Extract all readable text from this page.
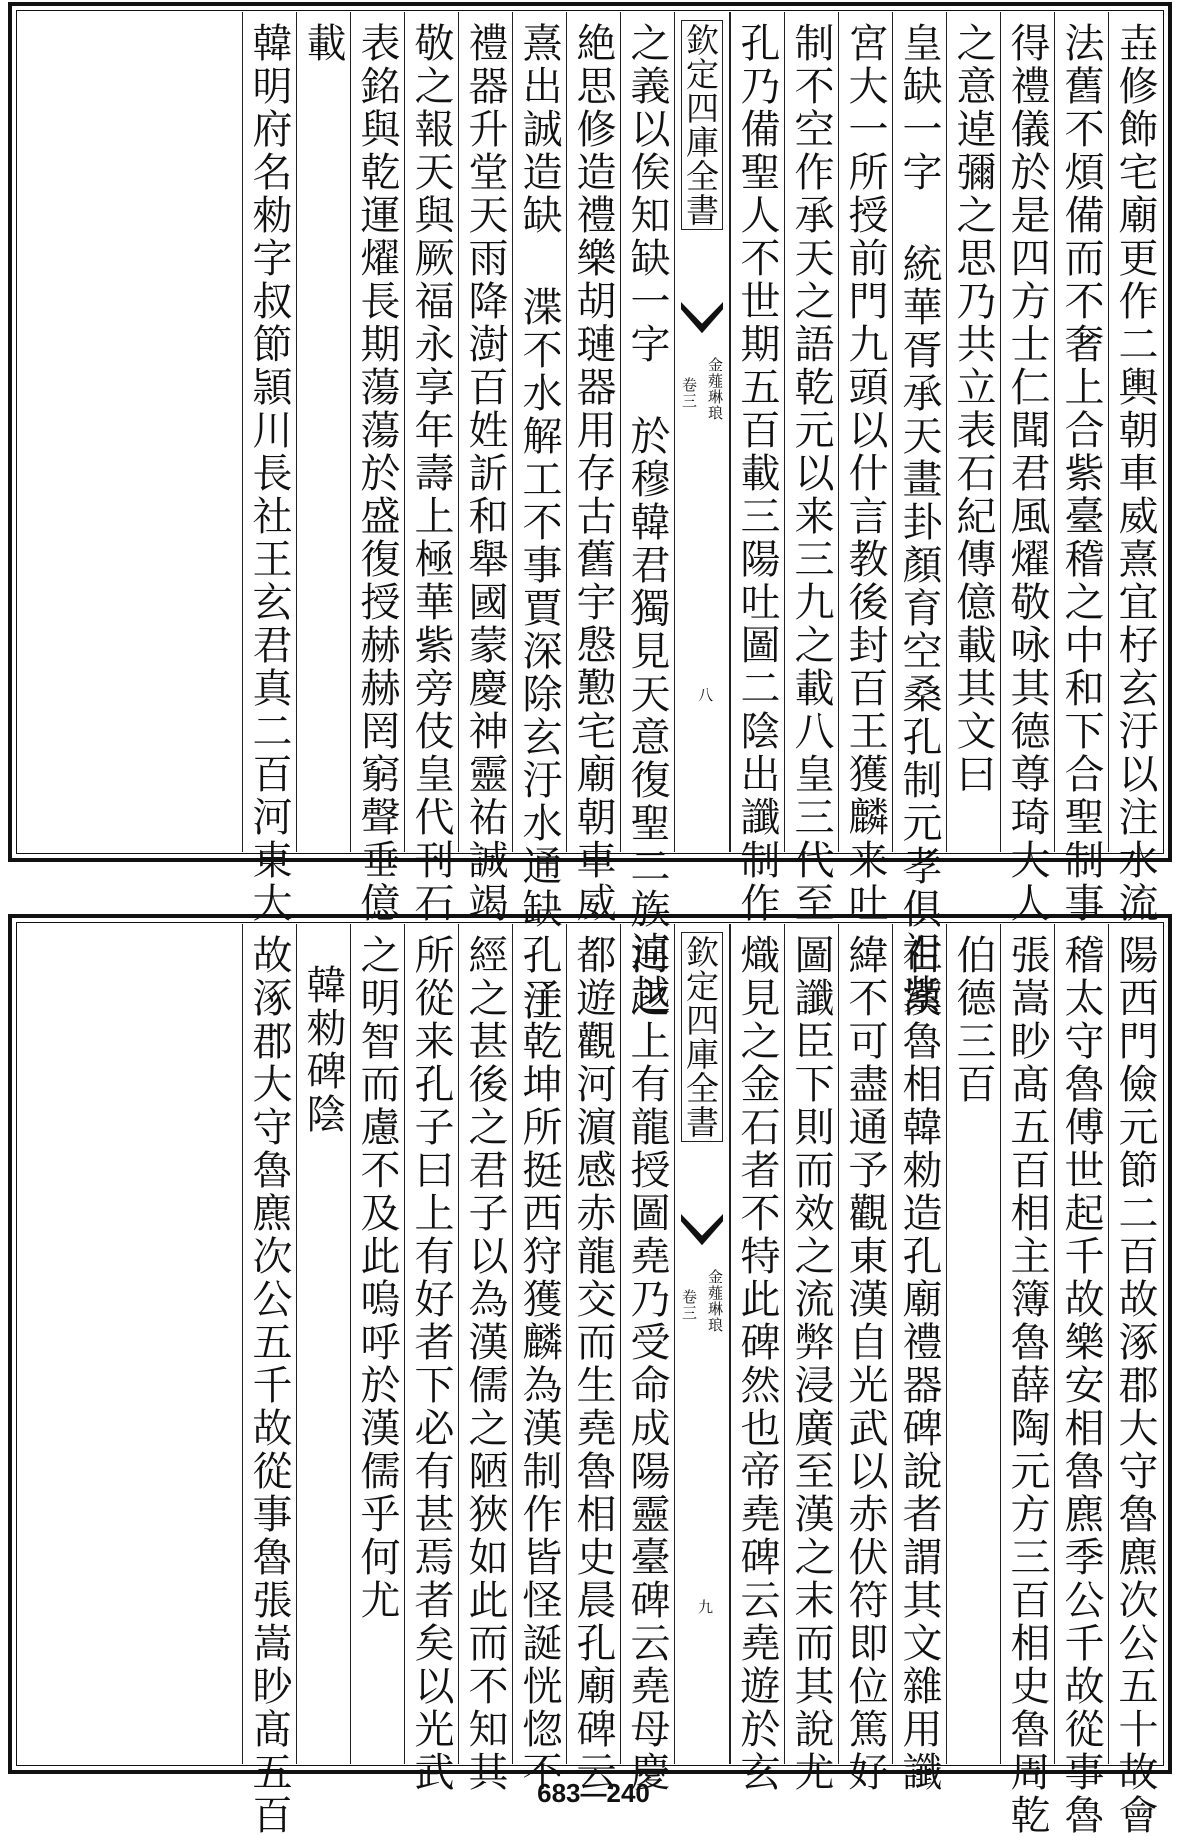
壵修飾宅廟更作二輿朝車威熹宜杍玄汙以注水流
法舊不煩備而不奢上合紫臺稽之中和下合聖制事
得禮儀於是四方士仁聞君風燿敬咏其德尊琦大人
之意逴彌之思乃共立表石紀傳億載其文曰
皇缺一字 統華胥承天畫卦顏育空桑孔制元孝俱祖紫
宮大一所授前門九頭以什言教後封百王獲麟来吐
制不空作承天之語乾元以来三九之載八皇三代至
孔乃備聖人不世期五百載三陽吐圖二陰出讖制作
欽定四庫全書
金薤琳琅
卷三
八
之義以俟知缺一字 於穆韓君獨見天意復聖二族逴越
絶思修造禮樂胡璉器用存古舊宇慇懃宅廟朝車威
熹出誠造缺 渫不水解工不事賈深除玄汙水通缺 注
禮器升堂天雨降澍百姓訢和舉國蒙慶神靈祐誠竭
敬之報天與厥福永享年壽上極華紫旁伎皇代刊石
表銘與乾運燿長期蕩蕩於盛復授赫赫罔窮聲垂億
載
韓明府名勑字叔節頴川長社王玄君真二百河東大
陽西門儉元節二百故涿郡大守魯麃次公五十故會
稽太守魯傅世起千故樂安相魯麃季公千故從事魯
張嵩眇髙五百相主簿魯薛陶元方三百相史魯周乾
伯德三百
右漢魯相韓勑造孔廟禮器碑說者謂其文雜用讖
緯不可盡通予觀東漢自光武以赤伏符即位篤好
圖讖臣下則而效之流弊浸廣至漢之末而其說尤
熾見之金石者不特此碑然也帝堯碑云堯遊於玄
欽定四庫全書
金薤琳琅
卷三
九
河之上有龍授圖堯乃受命成陽靈臺碑云堯母慶
都遊觀河濵感赤龍交而生堯魯相史晨孔廟碑云
孔子乾坤所挺西狩獲麟為漢制作皆怪誕恍惚不
經之甚後之君子以為漢儒之陋狹如此而不知其
所從来孔子曰上有好者下必有甚焉者矣以光武
之明智而慮不及此嗚呼於漢儒乎何尤
韓勑碑陰
故涿郡大守魯麃次公五千故從事魯張嵩眇髙五百	683—240
